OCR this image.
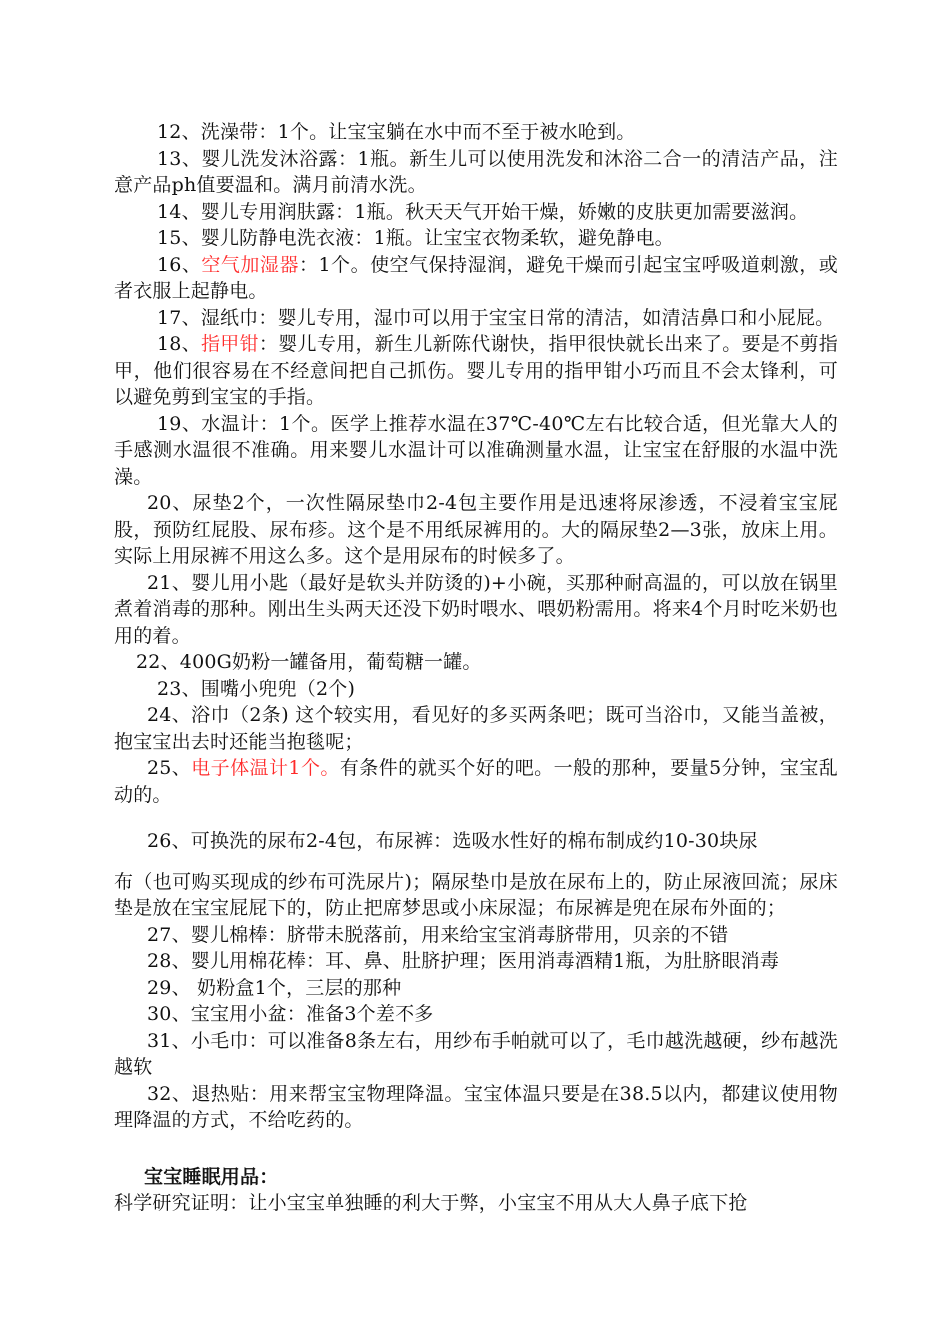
12、洗澡带：1个。让宝宝躺在水中而不至于被水呛到。

13、婴儿洗发沐浴露：1瓶。新生儿可以使用洗发和沐浴二合一的清洁产品，注意产品ph值要温和。满月前清水洗。

14、婴儿专用润肤露：1瓶。秋天天气开始干燥，娇嫩的皮肤更加需要滋润。

15、婴儿防静电洗衣液：1瓶。让宝宝衣物柔软，避免静电。

16、空气加湿器：1个。使空气保持湿润，避免干燥而引起宝宝呼吸道刺激，或者衣服上起静电。

17、湿纸巾：婴儿专用，湿巾可以用于宝宝日常的清洁，如清洁鼻口和小屁屁。

18、指甲钳：婴儿专用，新生儿新陈代谢快，指甲很快就长出来了。要是不剪指甲，他们很容易在不经意间把自己抓伤。婴儿专用的指甲钳小巧而且不会太锋利，可以避免剪到宝宝的手指。

19、水温计：1个。医学上推荐水温在37℃-40℃左右比较合适，但光靠大人的手感测水温很不准确。用来婴儿水温计可以准确测量水温，让宝宝在舒服的水温中洗澡。

20、尿垫2个，一次性隔尿垫巾2-4包主要作用是迅速将尿渗透，不浸着宝宝屁股，预防红屁股、尿布疹。这个是不用纸尿裤用的。大的隔尿垫2—3张，放床上用。实际上用尿裤不用这么多。这个是用尿布的时候多了。

21、婴儿用小匙（最好是软头并防烫的)+小碗，买那种耐高温的，可以放在锅里煮着消毒的那种。刚出生头两天还没下奶时喂水、喂奶粉需用。将来4个月时吃米奶也用的着。

22、400G奶粉一罐备用，葡萄糖一罐。

23、围嘴小兜兜（2个)

24、浴巾（2条) 这个较实用，看见好的多买两条吧；既可当浴巾，又能当盖被，抱宝宝出去时还能当抱毯呢；

25、电子体温计1个。有条件的就买个好的吧。一般的那种，要量5分钟，宝宝乱动的。

26、可换洗的尿布2-4包，布尿裤：选吸水性好的棉布制成约10-30块尿

布（也可购买现成的纱布可洗尿片)；隔尿垫巾是放在尿布上的，防止尿液回流；尿床垫是放在宝宝屁屁下的，防止把席梦思或小床尿湿；布尿裤是兜在尿布外面的；

27、婴儿棉棒：脐带未脱落前，用来给宝宝消毒脐带用，贝亲的不错

28、婴儿用棉花棒：耳、鼻、肚脐护理；医用消毒酒精1瓶，为肚脐眼消毒

29、 奶粉盒1个，三层的那种

30、宝宝用小盆：准备3个差不多

31、小毛巾：可以准备8条左右，用纱布手帕就可以了，毛巾越洗越硬，纱布越洗越软

32、退热贴：用来帮宝宝物理降温。宝宝体温只要是在38.5以内，都建议使用物理降温的方式，不给吃药的。

宝宝睡眠用品：

科学研究证明：让小宝宝单独睡的利大于弊，小宝宝不用从大人鼻子底下抢
